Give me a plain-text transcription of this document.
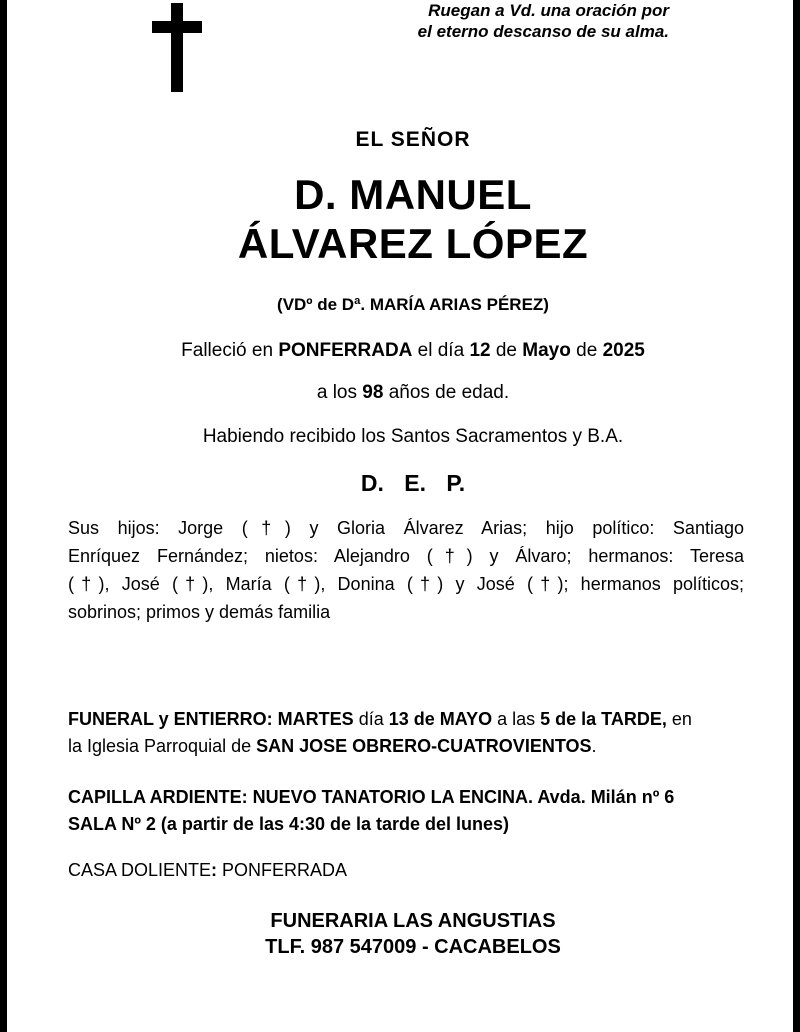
EL SEÑOR
D. MANUEL
ÁLVAREZ LÓPEZ
(VDº de Dª. MARÍA ARIAS PÉREZ)
Falleció en PONFERRADA el día 12 de Mayo de 2025
a los 98 años de edad.
Habiendo recibido los Santos Sacramentos y B.A.
D. E. P.
Sus hijos: Jorge (†) y Gloria Álvarez Arias; hijo político: Santiago
Enríquez Fernández; nietos: Alejandro (†) y Álvaro; hermanos: Teresa
(†), José (†), María (†), Donina (†) y José (†); hermanos políticos;
sobrinos; primos y demás familia
Ruegan a Vd. una oración por
el eterno descanso de su alma.
FUNERAL y ENTIERRO: MARTES día 13 de MAYO a las 5 de la TARDE, en
la Iglesia Parroquial de SAN JOSE OBRERO-CUATROVIENTOS.
CAPILLA ARDIENTE: NUEVO TANATORIO LA ENCINA. Avda. Milán nº 6
SALA Nº 2 (a partir de las 4:30 de la tarde del lunes)
CASA DOLIENTE: PONFERRADA
FUNERARIA LAS ANGUSTIAS
TLF. 987 547009 - CACABELOS
